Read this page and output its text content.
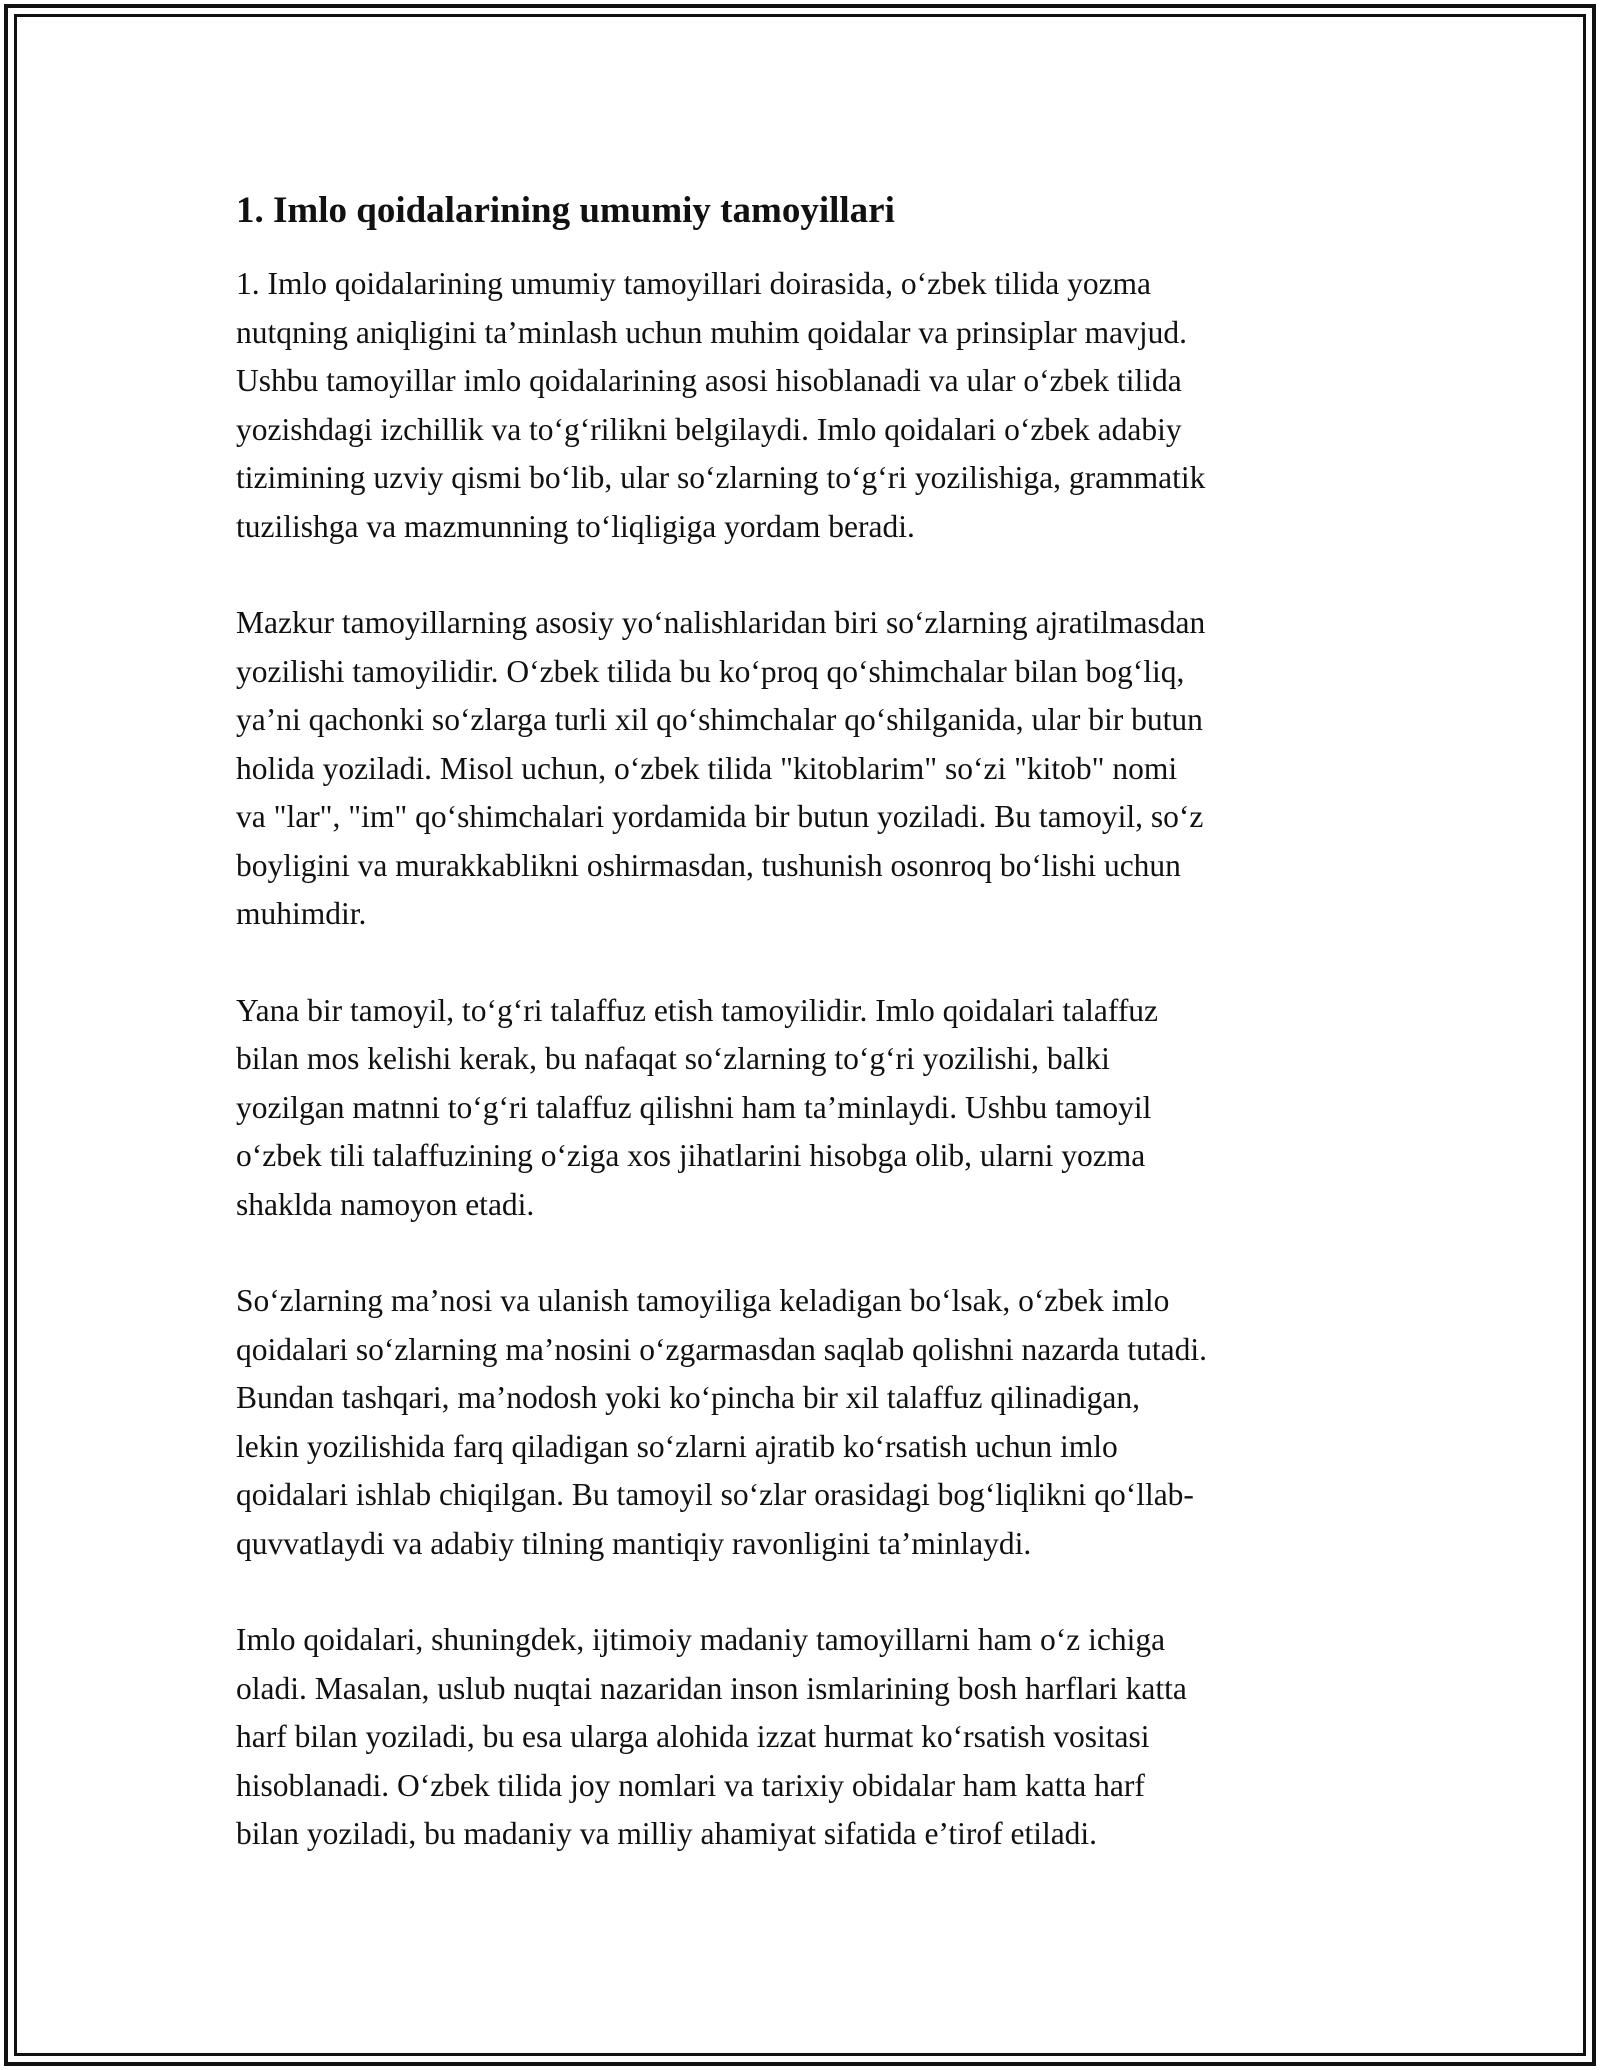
1. Imlo qoidalarining umumiy tamoyillari

1. Imlo qoidalarining umumiy tamoyillari doirasida, o‘zbek tilida yozma
nutqning aniqligini ta’minlash uchun muhim qoidalar va prinsiplar mavjud.
Ushbu tamoyillar imlo qoidalarining asosi hisoblanadi va ular o‘zbek tilida
yozishdagi izchillik va to‘g‘rilikni belgilaydi. Imlo qoidalari o‘zbek adabiy
tizimining uzviy qismi bo‘lib, ular so‘zlarning to‘g‘ri yozilishiga, grammatik
tuzilishga va mazmunning to‘liqligiga yordam beradi.

Mazkur tamoyillarning asosiy yo‘nalishlaridan biri so‘zlarning ajratilmasdan
yozilishi tamoyilidir. O‘zbek tilida bu ko‘proq qo‘shimchalar bilan bog‘liq,
ya’ni qachonki so‘zlarga turli xil qo‘shimchalar qo‘shilganida, ular bir butun
holida yoziladi. Misol uchun, o‘zbek tilida "kitoblarim" so‘zi "kitob" nomi
va "lar", "im" qo‘shimchalari yordamida bir butun yoziladi. Bu tamoyil, so‘z
boyligini va murakkablikni oshirmasdan, tushunish osonroq bo‘lishi uchun
muhimdir.

Yana bir tamoyil, to‘g‘ri talaffuz etish tamoyilidir. Imlo qoidalari talaffuz
bilan mos kelishi kerak, bu nafaqat so‘zlarning to‘g‘ri yozilishi, balki
yozilgan matnni to‘g‘ri talaffuz qilishni ham ta’minlaydi. Ushbu tamoyil
o‘zbek tili talaffuzining o‘ziga xos jihatlarini hisobga olib, ularni yozma
shaklda namoyon etadi.

So‘zlarning ma’nosi va ulanish tamoyiliga keladigan bo‘lsak, o‘zbek imlo
qoidalari so‘zlarning ma’nosini o‘zgarmasdan saqlab qolishni nazarda tutadi.
Bundan tashqari, ma’nodosh yoki ko‘pincha bir xil talaffuz qilinadigan,
lekin yozilishida farq qiladigan so‘zlarni ajratib ko‘rsatish uchun imlo
qoidalari ishlab chiqilgan. Bu tamoyil so‘zlar orasidagi bog‘liqlikni qo‘llab-
quvvatlaydi va adabiy tilning mantiqiy ravonligini ta’minlaydi.

Imlo qoidalari, shuningdek, ijtimoiy madaniy tamoyillarni ham o‘z ichiga
oladi. Masalan, uslub nuqtai nazaridan inson ismlarining bosh harflari katta
harf bilan yoziladi, bu esa ularga alohida izzat hurmat ko‘rsatish vositasi
hisoblanadi. O‘zbek tilida joy nomlari va tarixiy obidalar ham katta harf
bilan yoziladi, bu madaniy va milliy ahamiyat sifatida e’tirof etiladi.
